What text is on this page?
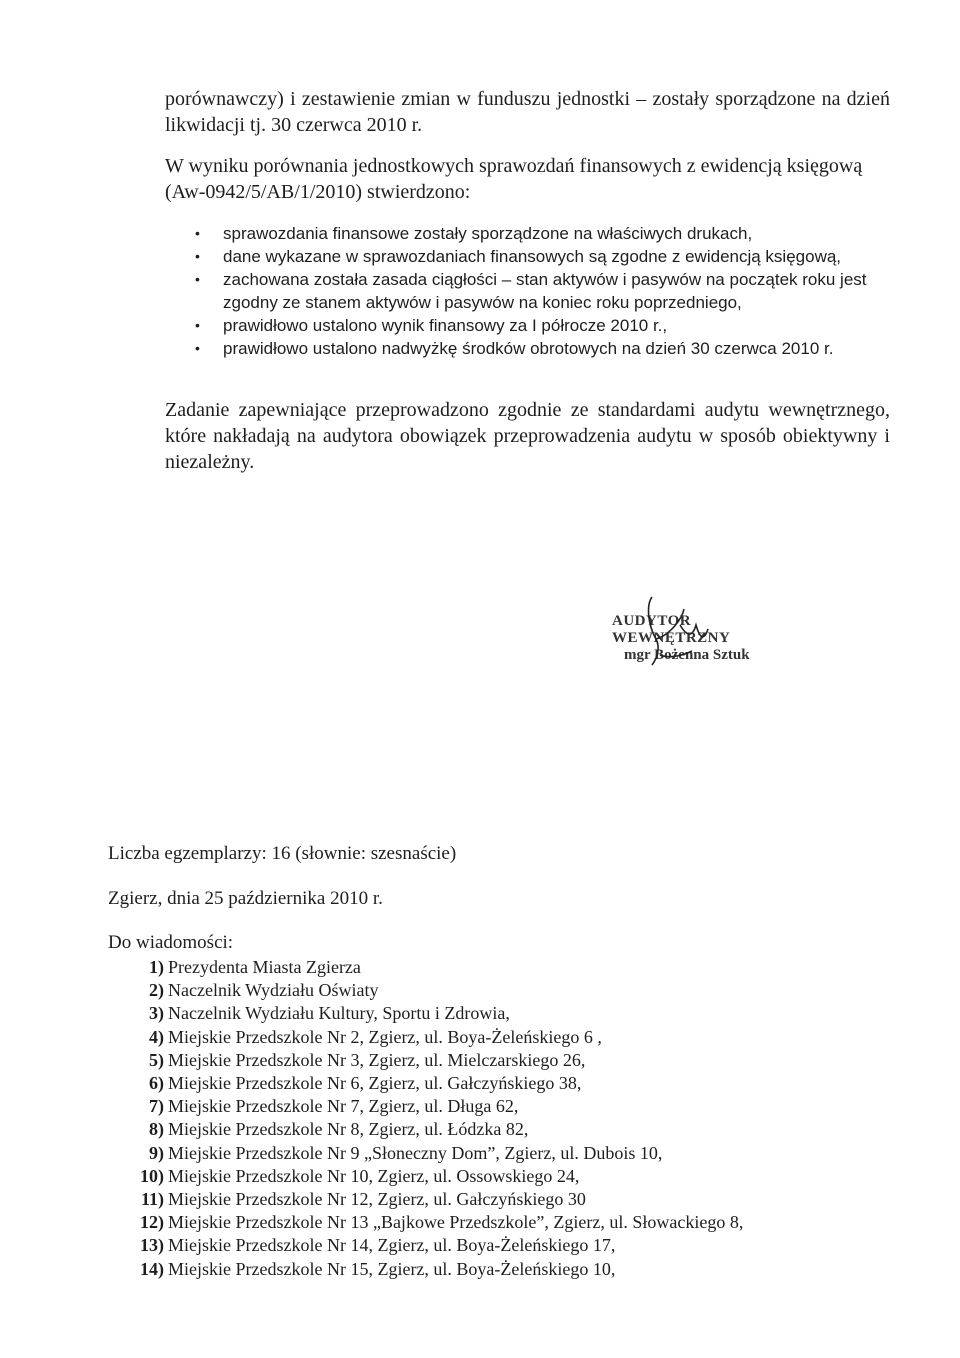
porównawczy) i zestawienie zmian w funduszu jednostki – zostały sporządzone na dzień likwidacji tj. 30 czerwca 2010 r.
W wyniku porównania jednostkowych sprawozdań finansowych z ewidencją księgową (Aw-0942/5/AB/1/2010) stwierdzono:
• sprawozdania finansowe zostały sporządzone na właściwych drukach,
• dane wykazane w sprawozdaniach finansowych są zgodne z ewidencją księgową,
• zachowana została zasada ciągłości – stan aktywów i pasywów na początek roku jest zgodny ze stanem aktywów i pasywów na koniec roku poprzedniego,
• prawidłowo ustalono wynik finansowy za I półrocze 2010 r.,
• prawidłowo ustalono nadwyżkę środków obrotowych na dzień 30 czerwca 2010 r.
Zadanie zapewniające przeprowadzono zgodnie ze standardami audytu wewnętrznego, które nakładają na audytora obowiązek przeprowadzenia audytu w sposób obiektywny i niezależny.
AUDYTOR WEWNĘTRZNY
mgr Bożenna Sztuk
Liczba egzemplarzy: 16 (słownie: szesnaście)
Zgierz, dnia 25 października 2010 r.
Do wiadomości:
1) Prezydenta Miasta Zgierza
2) Naczelnik Wydziału Oświaty
3) Naczelnik Wydziału Kultury, Sportu i Zdrowia,
4) Miejskie Przedszkole Nr 2, Zgierz, ul. Boya-Żeleńskiego 6 ,
5) Miejskie Przedszkole Nr 3, Zgierz, ul. Mielczarskiego 26,
6) Miejskie Przedszkole Nr 6, Zgierz, ul. Gałczyńskiego 38,
7) Miejskie Przedszkole Nr 7, Zgierz, ul. Długa 62,
8) Miejskie Przedszkole Nr 8, Zgierz, ul. Łódzka 82,
9) Miejskie Przedszkole Nr 9 „Słoneczny Dom”, Zgierz, ul. Dubois 10,
10) Miejskie Przedszkole Nr 10, Zgierz, ul. Ossowskiego 24,
11) Miejskie Przedszkole Nr 12, Zgierz, ul. Gałczyńskiego 30
12) Miejskie Przedszkole Nr 13 „Bajkowe Przedszkole”, Zgierz, ul. Słowackiego 8,
13) Miejskie Przedszkole Nr 14, Zgierz, ul. Boya-Żeleńskiego 17,
14) Miejskie Przedszkole Nr 15, Zgierz, ul. Boya-Żeleńskiego 10,
